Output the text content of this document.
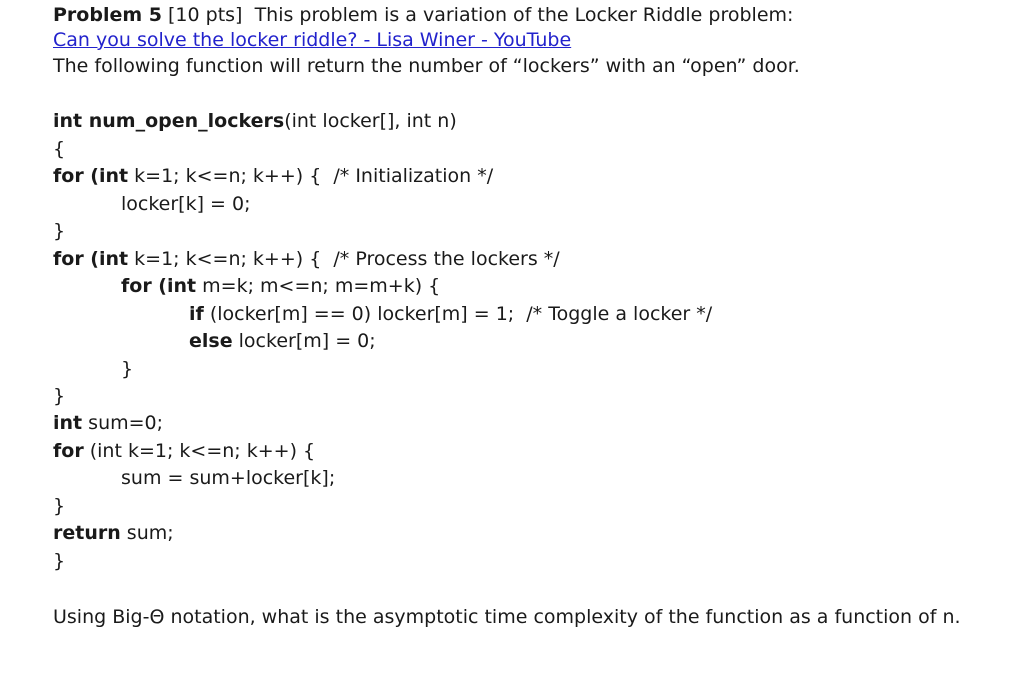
Problem 5 [10 pts]  This problem is a variation of the Locker Riddle problem:
Can you solve the locker riddle? - Lisa Winer - YouTube
The following function will return the number of “lockers” with an “open” door.
int num_open_lockers(int locker[], int n)
{
for (int k=1; k<=n; k++) {  /* Initialization */
locker[k] = 0;
}
for (int k=1; k<=n; k++) {  /* Process the lockers */
for (int m=k; m<=n; m=m+k) {
if (locker[m] == 0) locker[m] = 1;  /* Toggle a locker */
else locker[m] = 0;
}
}
int sum=0;
for (int k=1; k<=n; k++) {
sum = sum+locker[k];
}
return sum;
}
Using Big-Θ notation, what is the asymptotic time complexity of the function as a function of n.
